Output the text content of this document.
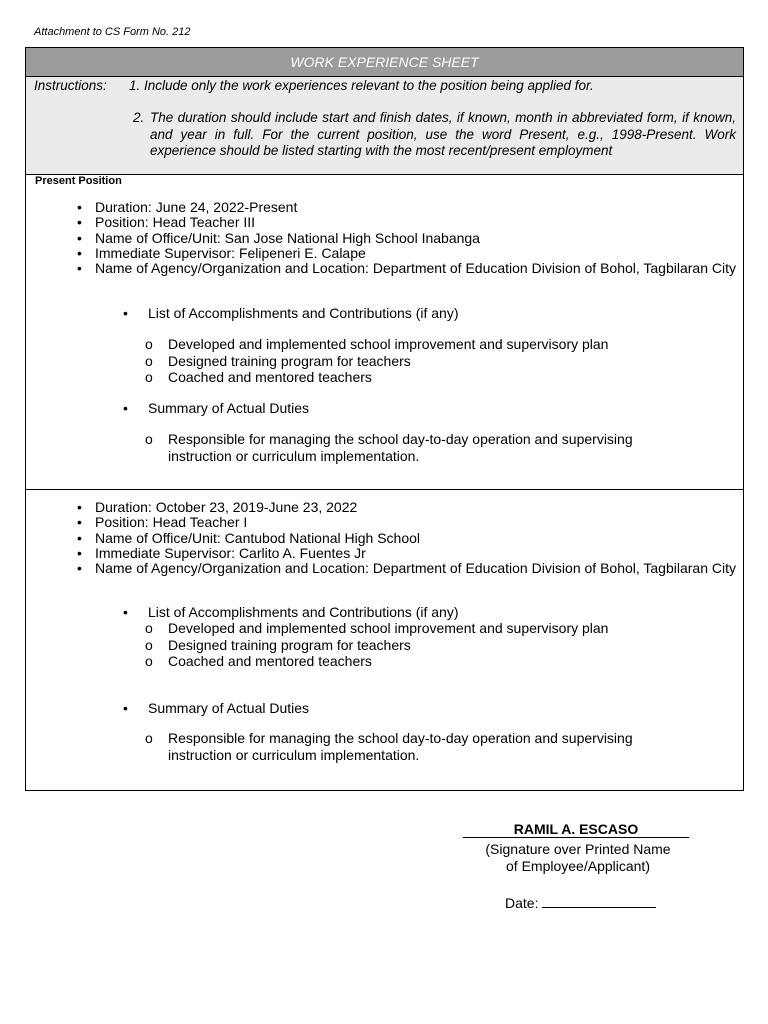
Attachment to CS Form No. 212
WORK EXPERIENCE SHEET
Instructions: 1. Include only the work experiences relevant to the position being applied for.
2. The duration should include start and finish dates, if known, month in abbreviated form, if known, and year in full. For the current position, use the word Present, e.g., 1998-Present. Work experience should be listed starting with the most recent/present employment
Present Position
• Duration: June 24, 2022-Present
• Position: Head Teacher III
• Name of Office/Unit: San Jose National High School Inabanga
• Immediate Supervisor: Felipeneri E. Calape
• Name of Agency/Organization and Location: Department of Education Division of Bohol, Tagbilaran City
List of Accomplishments and Contributions (if any)
o Developed and implemented school improvement and supervisory plan
o Designed training program for teachers
o Coached and mentored teachers
Summary of Actual Duties
o Responsible for managing the school day-to-day operation and supervising instruction or curriculum implementation.
• Duration: October 23, 2019-June 23, 2022
• Position: Head Teacher I
• Name of Office/Unit: Cantubod National High School
• Immediate Supervisor: Carlito A. Fuentes Jr
• Name of Agency/Organization and Location: Department of Education Division of Bohol, Tagbilaran City
List of Accomplishments and Contributions (if any)
o Developed and implemented school improvement and supervisory plan
o Designed training program for teachers
o Coached and mentored teachers
Summary of Actual Duties
o Responsible for managing the school day-to-day operation and supervising instruction or curriculum implementation.
RAMIL A. ESCASO
(Signature over Printed Name
of Employee/Applicant)
Date:
